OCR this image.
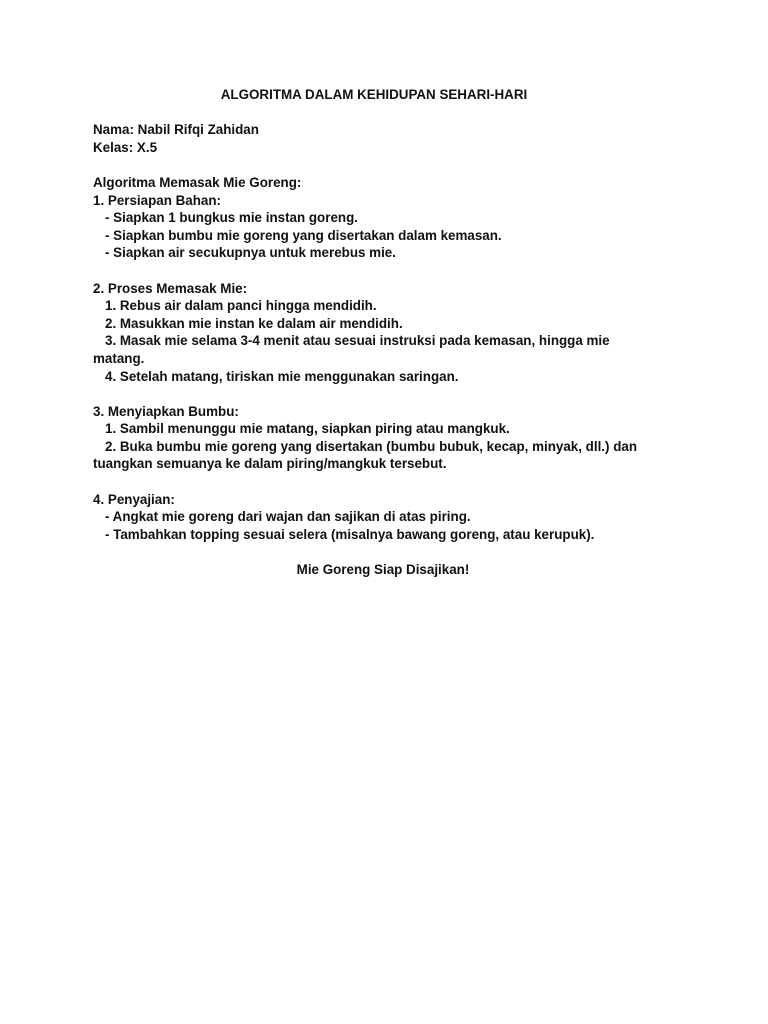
ALGORITMA DALAM KEHIDUPAN SEHARI-HARI
Nama: Nabil Rifqi Zahidan
Kelas: X.5
Algoritma Memasak Mie Goreng:
1. Persiapan Bahan:
- Siapkan 1 bungkus mie instan goreng.
- Siapkan bumbu mie goreng yang disertakan dalam kemasan.
- Siapkan air secukupnya untuk merebus mie.
2. Proses Memasak Mie:
1. Rebus air dalam panci hingga mendidih.
2. Masukkan mie instan ke dalam air mendidih.
3. Masak mie selama 3-4 menit atau sesuai instruksi pada kemasan, hingga mie
matang.
4. Setelah matang, tiriskan mie menggunakan saringan.
3. Menyiapkan Bumbu:
1. Sambil menunggu mie matang, siapkan piring atau mangkuk.
2. Buka bumbu mie goreng yang disertakan (bumbu bubuk, kecap, minyak, dll.) dan
tuangkan semuanya ke dalam piring/mangkuk tersebut.
4. Penyajian:
- Angkat mie goreng dari wajan dan sajikan di atas piring.
- Tambahkan topping sesuai selera (misalnya bawang goreng, atau kerupuk).
Mie Goreng Siap Disajikan!
